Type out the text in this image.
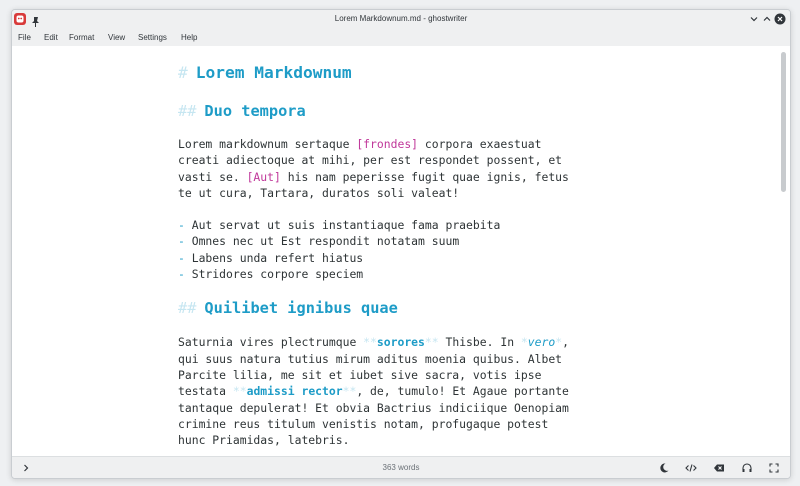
Lorem Markdownum.md - ghostwriter
File Edit Format View Settings Help
# Lorem Markdownum
## Duo tempora
Lorem markdownum sertaque [frondes] corpora exaestuat
creati adiectoque at mihi, per est respondet possent, et
vasti se. [Aut] his nam peperisse fugit quae ignis, fetus
te ut cura, Tartara, duratos soli valeat!
- Aut servat ut suis instantiaque fama praebita
- Omnes nec ut Est respondit notatam suum
- Labens unda refert hiatus
- Stridores corpore speciem
## Quilibet ignibus quae
Saturnia vires plectrumque **sorores** Thisbe. In *vero*,
qui suus natura tutius mirum aditus moenia quibus. Albet
Parcite lilia, me sit et iubet sive sacra, votis ipse
testata **admissi rector**, de, tumulo! Et Agaue portante
tantaque depulerat! Et obvia Bactrius indiciique Oenopiam
crimine reus titulum venistis notam, profugaque potest
hunc Priamidas, latebris.
363 words
